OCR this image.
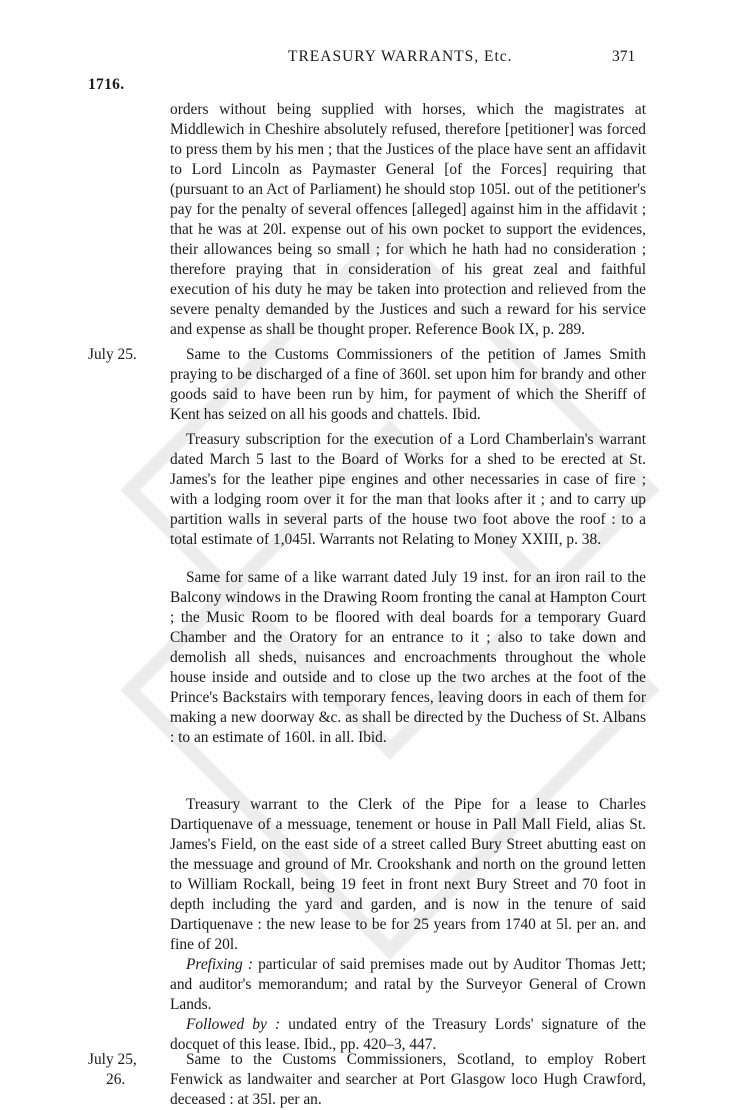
1716.
TREASURY WARRANTS, Etc.	371

orders without being supplied with horses, which the magistrates at Middlewich in Cheshire absolutely refused, therefore [petitioner] was forced to press them by his men ; that the Justices of the place have sent an affidavit to Lord Lincoln as Paymaster General [of the Forces] requiring that (pursuant to an Act of Parliament) he should stop 105l. out of the petitioner's pay for the penalty of several offences [alleged] against him in the affidavit ; that he was at 20l. expense out of his own pocket to support the evidences, their allowances being so small ; for which he hath had no consideration ; therefore praying that in consideration of his great zeal and faithful execution of his duty he may be taken into protection and relieved from the severe penalty demanded by the Justices and such a reward for his service and expense as shall be thought proper. Reference Book IX, p. 289.

July 25.	Same to the Customs Commissioners of the petition of James Smith praying to be discharged of a fine of 360l. set upon him for brandy and other goods said to have been run by him, for payment of which the Sheriff of Kent has seized on all his goods and chattels. Ibid.

Treasury subscription for the execution of a Lord Chamberlain's warrant dated March 5 last to the Board of Works for a shed to be erected at St. James's for the leather pipe engines and other necessaries in case of fire ; with a lodging room over it for the man that looks after it ; and to carry up partition walls in several parts of the house two foot above the roof : to a total estimate of 1,045l. Warrants not Relating to Money XXIII, p. 38.

Same for same of a like warrant dated July 19 inst. for an iron rail to the Balcony windows in the Drawing Room fronting the canal at Hampton Court ; the Music Room to be floored with deal boards for a temporary Guard Chamber and the Oratory for an entrance to it ; also to take down and demolish all sheds, nuisances and encroachments throughout the whole house inside and outside and to close up the two arches at the foot of the Prince's Backstairs with temporary fences, leaving doors in each of them for making a new doorway &c. as shall be directed by the Duchess of St. Albans : to an estimate of 160l. in all. Ibid.

Treasury warrant to the Clerk of the Pipe for a lease to Charles Dartiquenave of a messuage, tenement or house in Pall Mall Field, alias St. James's Field, on the east side of a street called Bury Street abutting east on the messuage and ground of Mr. Crookshank and north on the ground letten to William Rockall, being 19 feet in front next Bury Street and 70 foot in depth including the yard and garden, and is now in the tenure of said Dartiquenave : the new lease to be for 25 years from 1740 at 5l. per an. and fine of 20l.

Prefixing : particular of said premises made out by Auditor Thomas Jett; and auditor's memorandum; and ratal by the Surveyor General of Crown Lands.

Followed by : undated entry of the Treasury Lords' signature of the docquet of this lease. Ibid., pp. 420–3, 447.

July 25,
26.

Same to the Customs Commissioners, Scotland, to employ Robert Fenwick as landwaiter and searcher at Port Glasgow loco Hugh Crawford, deceased : at 35l. per an.
